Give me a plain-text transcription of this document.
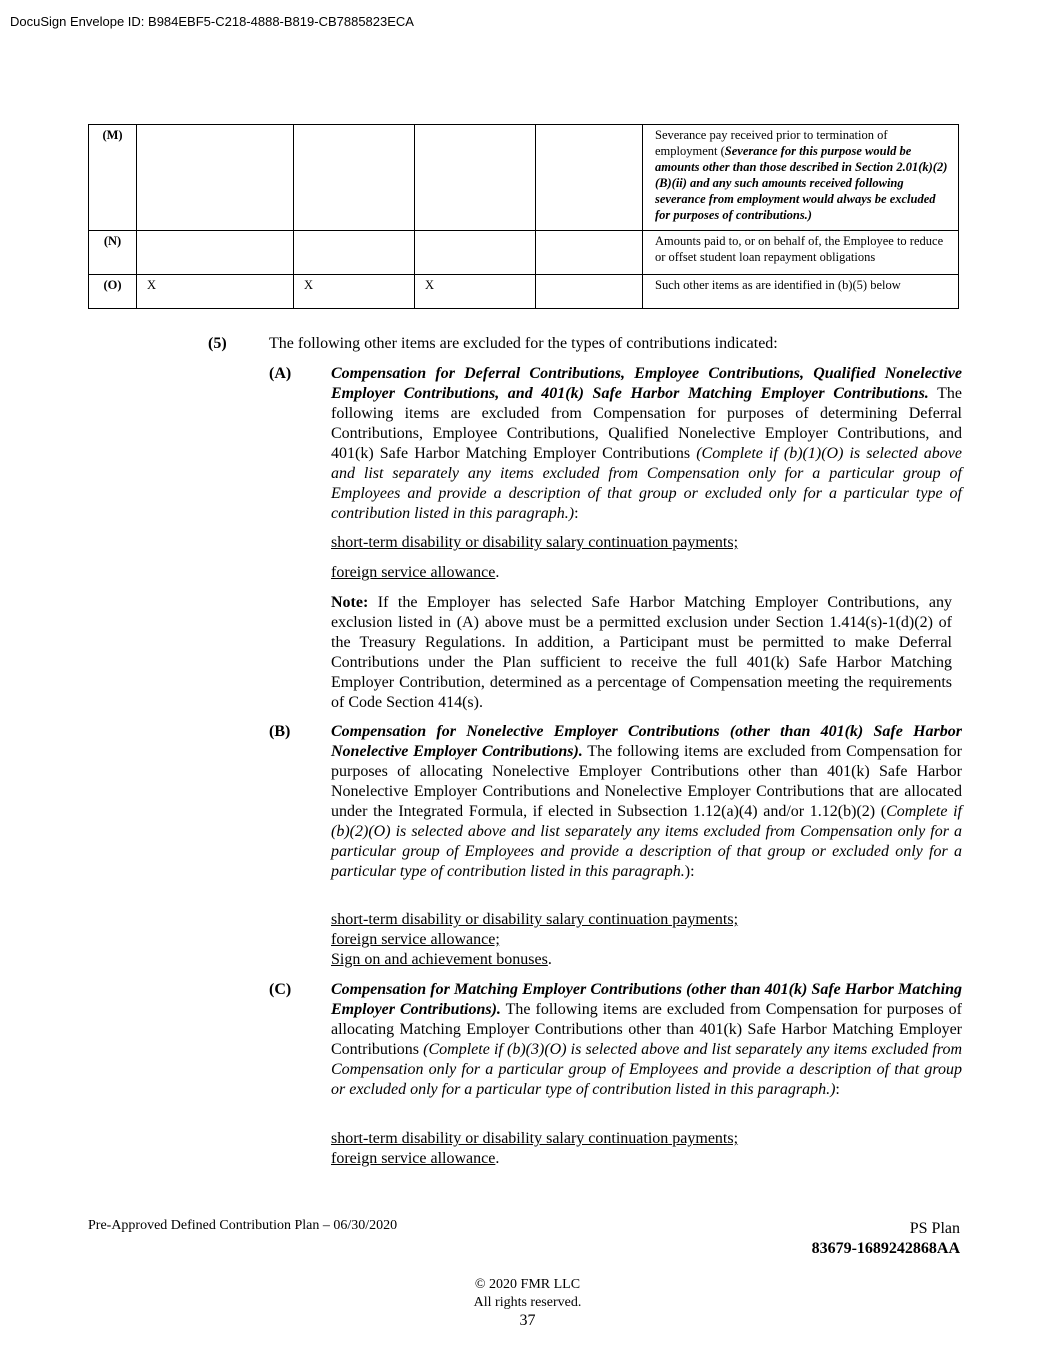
DocuSign Envelope ID: B984EBF5-C218-4888-B819-CB7885823ECA
(M)					Severance pay received prior to termination of employment (Severance for this purpose would be amounts other than those described in Section 2.01(k)(2)(B)(ii) and any such amounts received following severance from employment would always be excluded for purposes of contributions.)
(N)					Amounts paid to, or on behalf of, the Employee to reduce or offset student loan repayment obligations
(O)	X	X	X		Such other items as are identified in (b)(5) below
(5)	The following other items are excluded for the types of contributions indicated:
(A) Compensation for Deferral Contributions, Employee Contributions, Qualified Nonelective Employer Contributions, and 401(k) Safe Harbor Matching Employer Contributions. The following items are excluded from Compensation for purposes of determining Deferral Contributions, Employee Contributions, Qualified Nonelective Employer Contributions, and 401(k) Safe Harbor Matching Employer Contributions (Complete if (b)(1)(O) is selected above and list separately any items excluded from Compensation only for a particular group of Employees and provide a description of that group or excluded only for a particular type of contribution listed in this paragraph.):
short-term disability or disability salary continuation payments;
foreign service allowance.
Note: If the Employer has selected Safe Harbor Matching Employer Contributions, any exclusion listed in (A) above must be a permitted exclusion under Section 1.414(s)-1(d)(2) of the Treasury Regulations. In addition, a Participant must be permitted to make Deferral Contributions under the Plan sufficient to receive the full 401(k) Safe Harbor Matching Employer Contribution, determined as a percentage of Compensation meeting the requirements of Code Section 414(s).
(B)	Compensation for Nonelective Employer Contributions (other than 401(k) Safe Harbor Nonelective Employer Contributions). The following items are excluded from Compensation for purposes of allocating Nonelective Employer Contributions other than 401(k) Safe Harbor Nonelective Employer Contributions and Nonelective Employer Contributions that are allocated under the Integrated Formula, if elected in Subsection 1.12(a)(4) and/or 1.12(b)(2) (Complete if (b)(2)(O) is selected above and list separately any items excluded from Compensation only for a particular group of Employees and provide a description of that group or excluded only for a particular type of contribution listed in this paragraph.):
short-term disability or disability salary continuation payments;
foreign service allowance;
Sign on and achievement bonuses.
(C) Compensation for Matching Employer Contributions (other than 401(k) Safe Harbor Matching Employer Contributions). The following items are excluded from Compensation for purposes of allocating Matching Employer Contributions other than 401(k) Safe Harbor Matching Employer Contributions (Complete if (b)(3)(O) is selected above and list separately any items excluded from Compensation only for a particular group of Employees and provide a description of that group or excluded only for a particular type of contribution listed in this paragraph.):
short-term disability or disability salary continuation payments;
foreign service allowance.
Pre-Approved Defined Contribution Plan – 06/30/2020	PS Plan
83679-1689242868AA
© 2020 FMR LLC
All rights reserved.
37
